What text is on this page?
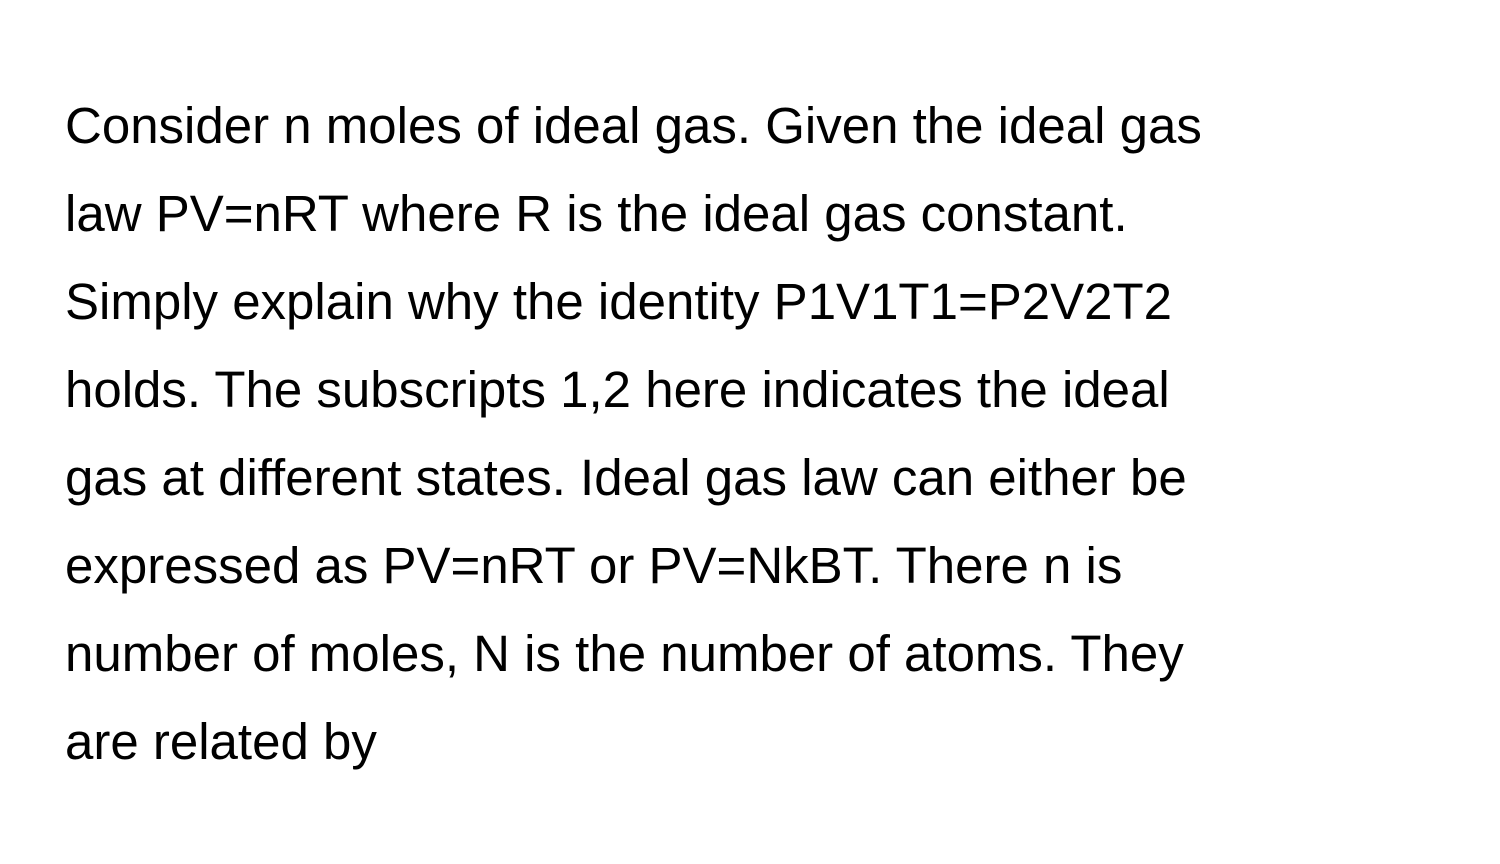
Consider n moles of ideal gas. Given the ideal gas
law PV=nRT where R is the ideal gas constant.
Simply explain why the identity P1V1T1=P2V2T2
holds. The subscripts 1,2 here indicates the ideal
gas at different states. Ideal gas law can either be
expressed as PV=nRT or PV=NkBT. There n is
number of moles, N is the number of atoms. They
are related by
